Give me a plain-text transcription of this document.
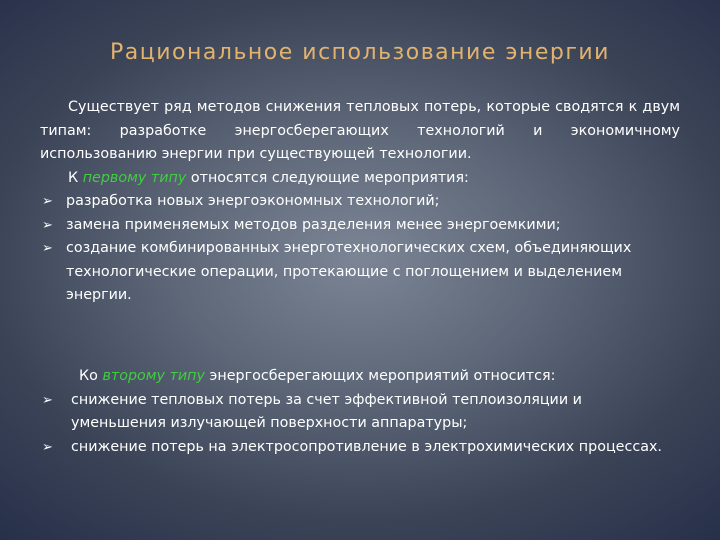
Рациональное использование энергии

Существует ряд методов снижения тепловых потерь, которые сводятся к двум типам: разработке энергосберегающих технологий и экономичному использованию энергии при существующей технологии.

К первому типу относятся следующие мероприятия:

➢ разработка новых энергоэкономных технологий;
➢ замена применяемых методов разделения менее энергоемкими;
➢ создание комбинированных энерготехнологических схем, объединяющих технологические операции, протекающие с поглощением и выделением энергии.

Ко второму типу энергосберегающих мероприятий относится:

➢ снижение тепловых потерь за счет эффективной теплоизоляции и уменьшения излучающей поверхности аппаратуры;
➢ снижение потерь на электросопротивление в электрохимических процессах.
